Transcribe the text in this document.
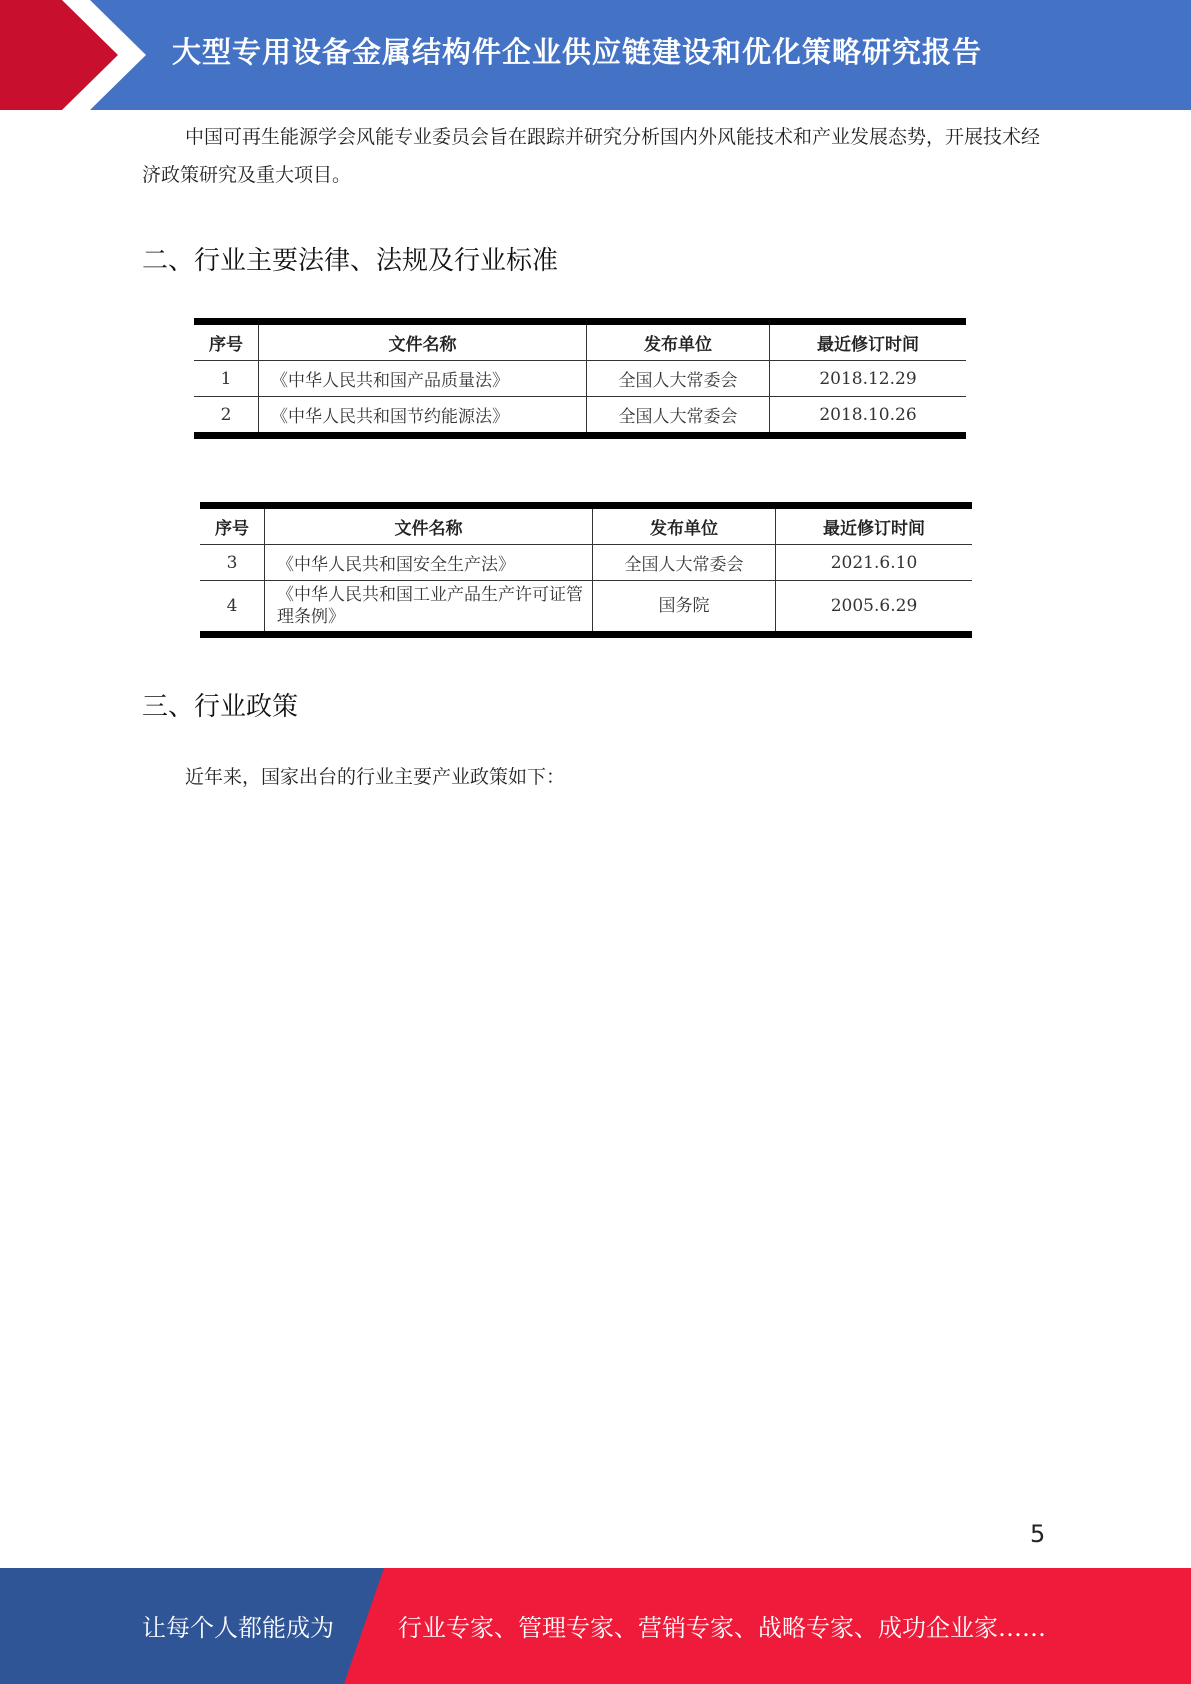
大型专用设备金属结构件企业供应链建设和优化策略研究报告

中国可再生能源学会风能专业委员会旨在跟踪并研究分析国内外风能技术和产业发展态势，开展技术经济政策研究及重大项目。

二、行业主要法律、法规及行业标准
序号	文件名称	发布单位	最近修订时间
1	《中华人民共和国产品质量法》	全国人大常委会	2018.12.29
2	《中华人民共和国节约能源法》	全国人大常委会	2018.10.26
序号	文件名称	发布单位	最近修订时间
3	《中华人民共和国安全生产法》	全国人大常委会	2021.6.10
4	《中华人民共和国工业产品生产许可证管理条例》	国务院	2005.6.29
三、行业政策

近年来，国家出台的行业主要产业政策如下：

5
让每个人都能成为	行业专家、管理专家、营销专家、战略专家、成功企业家……
